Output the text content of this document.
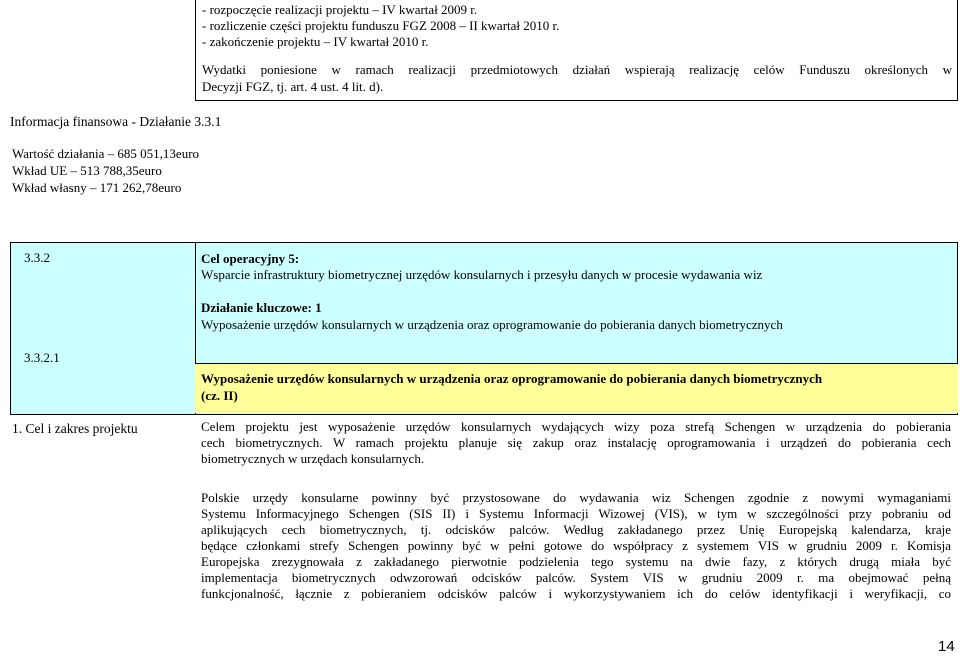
- rozpoczęcie realizacji projektu – IV kwartał 2009 r.
- rozliczenie części projektu funduszu FGZ 2008 – II kwartał 2010 r.
- zakończenie projektu – IV kwartał 2010 r.
Wydatki poniesione w ramach realizacji przedmiotowych działań wspierają realizację celów Funduszu określonych w
Decyzji FGZ, tj. art. 4 ust. 4 lit. d).
Informacja finansowa - Działanie 3.3.1
Wartość działania – 685 051,13euro
Wkład UE – 513 788,35euro
Wkład własny – 171 262,78euro
3.3.2	Cel operacyjny 5:
Wsparcie infrastruktury biometrycznej urzędów konsularnych i przesyłu danych w procesie wydawania wiz
Działanie kluczowe: 1
Wyposażenie urzędów konsularnych w urządzenia oraz oprogramowanie do pobierania danych biometrycznych
3.3.2.1
Wyposażenie urzędów konsularnych w urządzenia oraz oprogramowanie do pobierania danych biometrycznych
(cz. II)
1. Cel i zakres projektu	Celem projektu jest wyposażenie urzędów konsularnych wydających wizy poza strefą Schengen w urządzenia do pobierania
cech biometrycznych. W ramach projektu planuje się zakup oraz instalację oprogramowania i urządzeń do pobierania cech
biometrycznych w urzędach konsularnych.
Polskie urzędy konsularne powinny być przystosowane do wydawania wiz Schengen zgodnie z nowymi wymaganiami
Systemu Informacyjnego Schengen (SIS II) i Systemu Informacji Wizowej (VIS), w tym w szczególności przy pobraniu od
aplikujących cech biometrycznych, tj. odcisków palców. Według zakładanego przez Unię Europejską kalendarza, kraje
będące członkami strefy Schengen powinny być w pełni gotowe do współpracy z systemem VIS w grudniu 2009 r. Komisja
Europejska zrezygnowała z zakładanego pierwotnie podzielenia tego systemu na dwie fazy, z których drugą miała być
implementacja biometrycznych odwzorowań odcisków palców. System VIS w grudniu 2009 r. ma obejmować pełną
funkcjonalność, łącznie z pobieraniem odcisków palców i wykorzystywaniem ich do celów identyfikacji i weryfikacji, co
14
